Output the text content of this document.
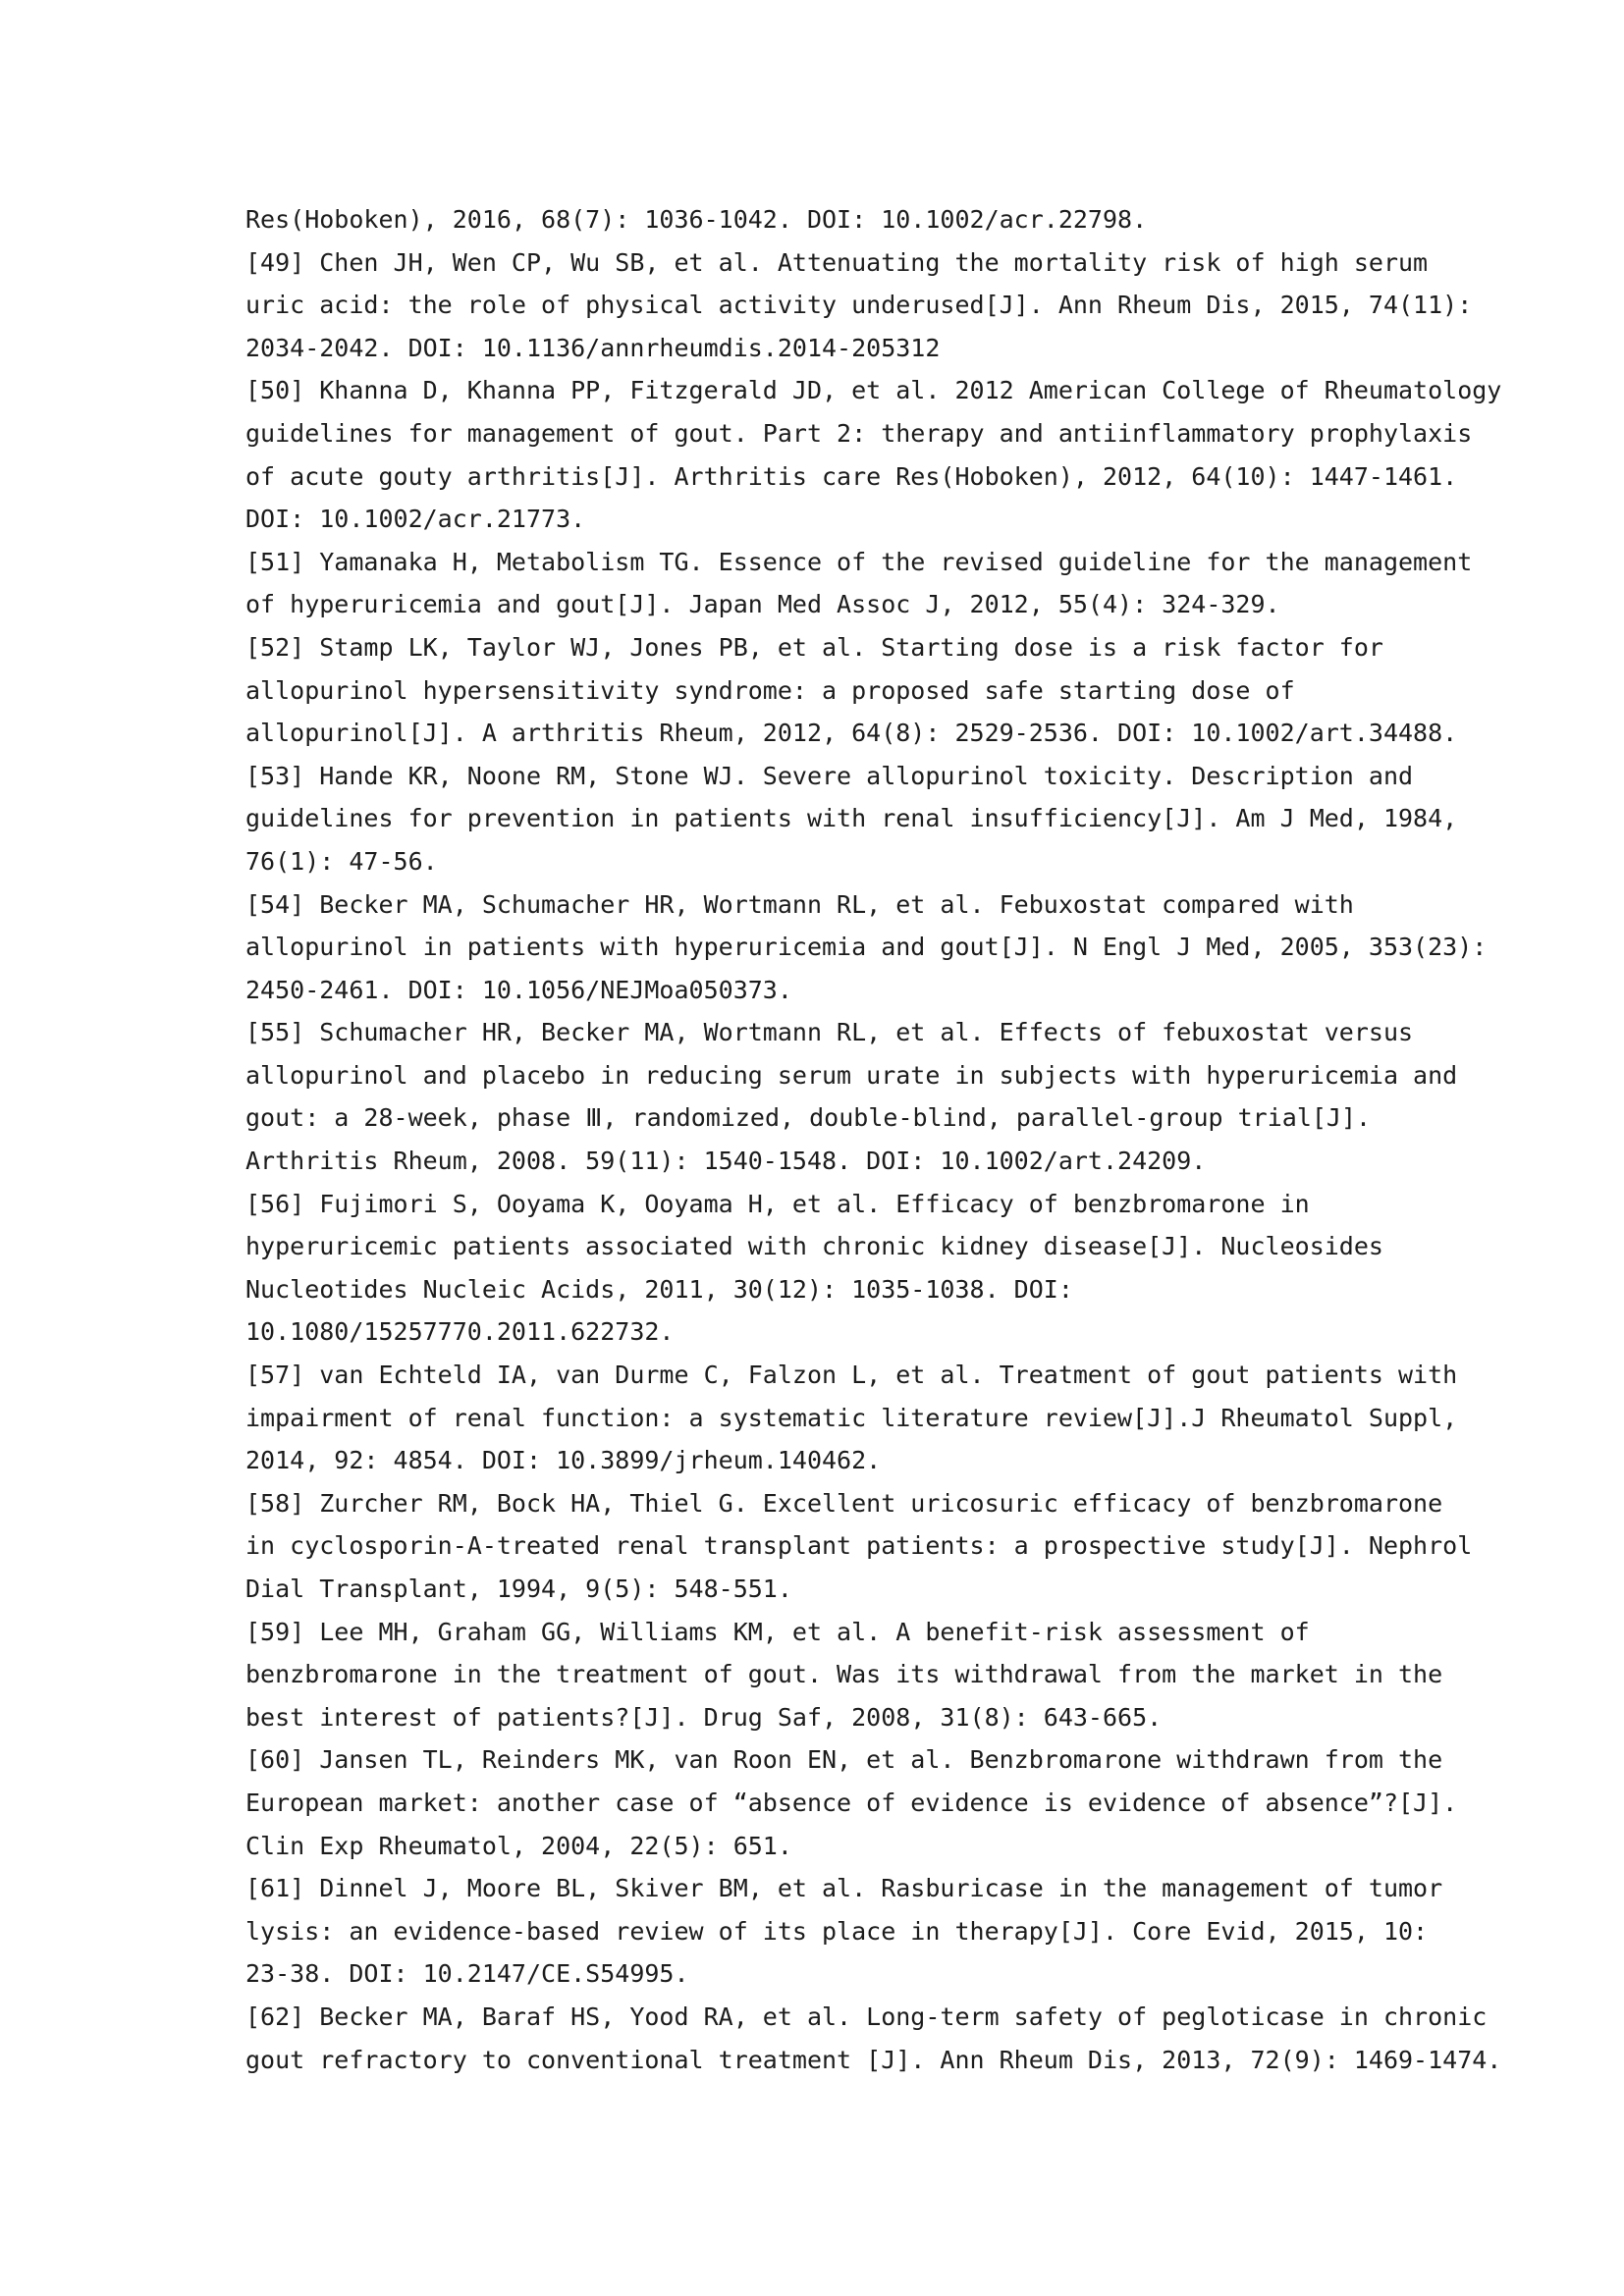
Res(Hoboken), 2016, 68(7): 1036-1042. DOI: 10.1002/acr.22798.
[49] Chen JH, Wen CP, Wu SB, et al. Attenuating the mortality risk of high serum
uric acid: the role of physical activity underused[J]. Ann Rheum Dis, 2015, 74(11):
2034-2042. DOI: 10.1136/annrheumdis.2014-205312
[50] Khanna D, Khanna PP, Fitzgerald JD, et al. 2012 American College of Rheumatology
guidelines for management of gout. Part 2: therapy and antiinflammatory prophylaxis
of acute gouty arthritis[J]. Arthritis care Res(Hoboken), 2012, 64(10): 1447-1461.
DOI: 10.1002/acr.21773.
[51] Yamanaka H, Metabolism TG. Essence of the revised guideline for the management
of hyperuricemia and gout[J]. Japan Med Assoc J, 2012, 55(4): 324-329.
[52] Stamp LK, Taylor WJ, Jones PB, et al. Starting dose is a risk factor for
allopurinol hypersensitivity syndrome: a proposed safe starting dose of
allopurinol[J]. A arthritis Rheum, 2012, 64(8): 2529-2536. DOI: 10.1002/art.34488.
[53] Hande KR, Noone RM, Stone WJ. Severe allopurinol toxicity. Description and
guidelines for prevention in patients with renal insufficiency[J]. Am J Med, 1984,
76(1): 47-56.
[54] Becker MA, Schumacher HR, Wortmann RL, et al. Febuxostat compared with
allopurinol in patients with hyperuricemia and gout[J]. N Engl J Med, 2005, 353(23):
2450-2461. DOI: 10.1056/NEJMoa050373.
[55] Schumacher HR, Becker MA, Wortmann RL, et al. Effects of febuxostat versus
allopurinol and placebo in reducing serum urate in subjects with hyperuricemia and
gout: a 28-week, phase Ⅲ, randomized, double-blind, parallel-group trial[J].
Arthritis Rheum, 2008. 59(11): 1540-1548. DOI: 10.1002/art.24209.
[56] Fujimori S, Ooyama K, Ooyama H, et al. Efficacy of benzbromarone in
hyperuricemic patients associated with chronic kidney disease[J]. Nucleosides
Nucleotides Nucleic Acids, 2011, 30(12): 1035-1038. DOI:
10.1080/15257770.2011.622732.
[57] van Echteld IA, van Durme C, Falzon L, et al. Treatment of gout patients with
impairment of renal function: a systematic literature review[J].J Rheumatol Suppl,
2014, 92: 4854. DOI: 10.3899/jrheum.140462.
[58] Zurcher RM, Bock HA, Thiel G. Excellent uricosuric efficacy of benzbromarone
in cyclosporin-A-treated renal transplant patients: a prospective study[J]. Nephrol
Dial Transplant, 1994, 9(5): 548-551.
[59] Lee MH, Graham GG, Williams KM, et al. A benefit-risk assessment of
benzbromarone in the treatment of gout. Was its withdrawal from the market in the
best interest of patients?[J]. Drug Saf, 2008, 31(8): 643-665.
[60] Jansen TL, Reinders MK, van Roon EN, et al. Benzbromarone withdrawn from the
European market: another case of “absence of evidence is evidence of absence”?[J].
Clin Exp Rheumatol, 2004, 22(5): 651.
[61] Dinnel J, Moore BL, Skiver BM, et al. Rasburicase in the management of tumor
lysis: an evidence-based review of its place in therapy[J]. Core Evid, 2015, 10:
23-38. DOI: 10.2147/CE.S54995.
[62] Becker MA, Baraf HS, Yood RA, et al. Long-term safety of pegloticase in chronic
gout refractory to conventional treatment [J]. Ann Rheum Dis, 2013, 72(9): 1469-1474.
